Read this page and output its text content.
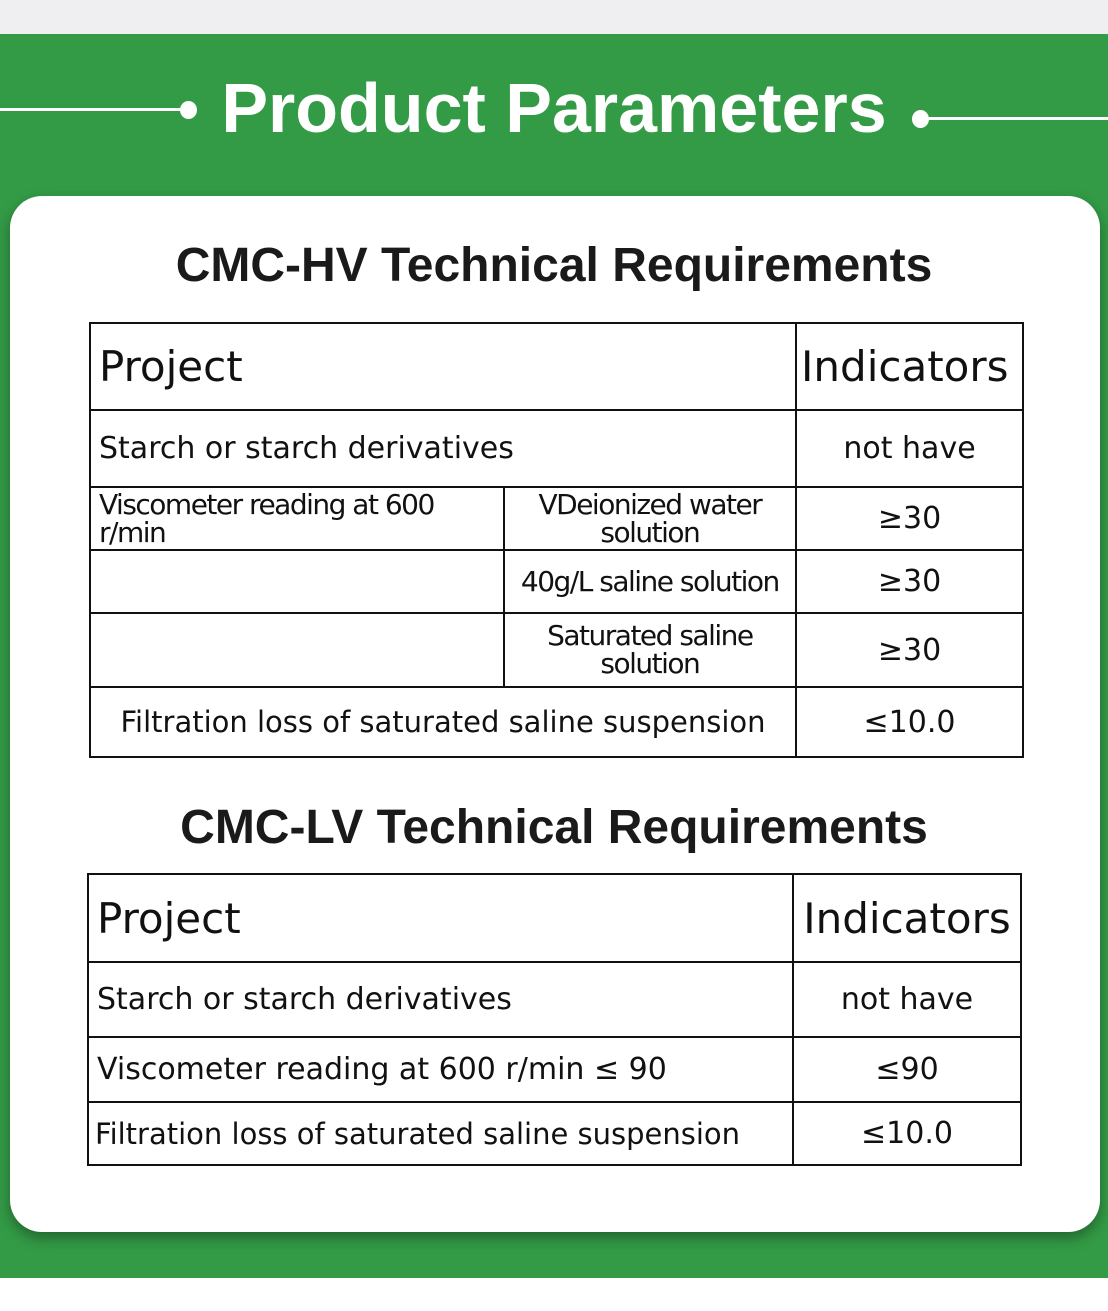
Product Parameters
CMC-HV Technical Requirements
Project		Indicators
Starch or starch derivatives		not have
Viscometer reading at 600 r/min	VDeionized water solution	≥30
	40g/L saline solution	≥30
	Saturated saline solution	≥30
Filtration loss of saturated saline suspension		≤10.0
CMC-LV Technical Requirements
Project	Indicators
Starch or starch derivatives	not have
Viscometer reading at 600 r/min ≤ 90	≤90
Filtration loss of saturated saline suspension	≤10.0
